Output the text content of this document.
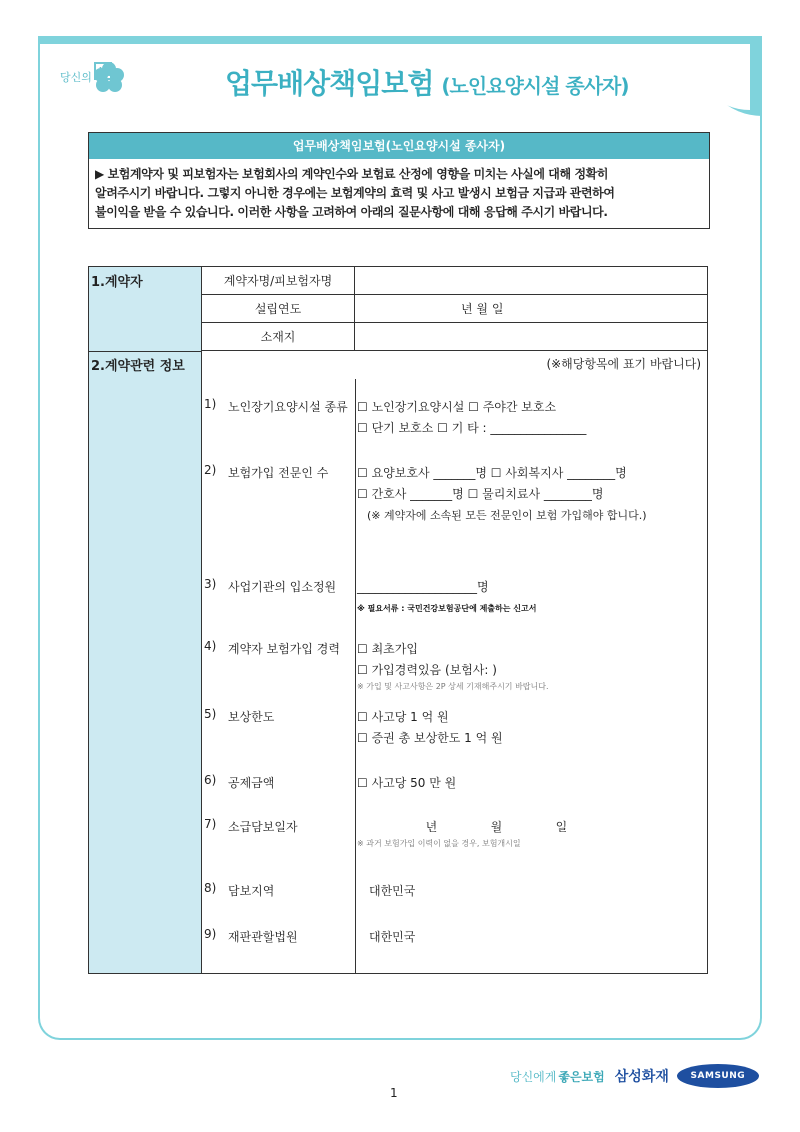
당신의	업무배상책임보험 (노인요양시설 종사자)
업무배상책임보험(노인요양시설 종사자)
▶ 보험계약자 및 피보험자는 보험회사의 계약인수와 보험료 산정에 영향을 미치는 사실에 대해 정확히
알려주시기 바랍니다. 그렇지 아니한 경우에는 보험계약의 효력 및 사고 발생시 보험금 지급과 관련하여
불이익을 받을 수 있습니다. 이러한 사항을 고려하여 아래의 질문사항에 대해 응답해 주시기 바랍니다.
1.계약자
2.계약관련 정보
계약자명/피보험자명
설립연도	년 월 일
소재지
(※해당항목에 표기 바랍니다)
1) 노인장기요양시설 종류 ☐ 노인장기요양시설 ☐ 주야간 보호소
☐ 단기 보호소 ☐ 기 타 : ________________
2) 보험가입 전문인 수	☐ 요양보호사 _______명 ☐ 사회복지사 ________명
☐ 간호사 _______명 ☐ 물리치료사 ________명
(※ 계약자에 소속된 모든 전문인이 보험 가입해야 합니다.)
3) 사업기관의 입소정원	____________________명
※ 필요서류 : 국민건강보험공단에 제출하는 신고서
4) 계약자 보험가입 경력	☐ 최초가입
☐ 가입경력있음 (보험사: )
※ 가입 및 사고사항은 2P 상세 기재해주시기 바랍니다.
5) 보상한도	☐ 사고당 1 억 원
☐ 증권 총 보상한도 1 억 원
6) 공제금액	☐ 사고당 50 만 원
7) 소급담보일자	년              월              일
※ 과거 보험가입 이력이 없을 경우, 보험개시일
8) 담보지역	대한민국
9) 재판관할법원	대한민국
당신에게 좋은보험 삼성화재	SAMSUNG
1
